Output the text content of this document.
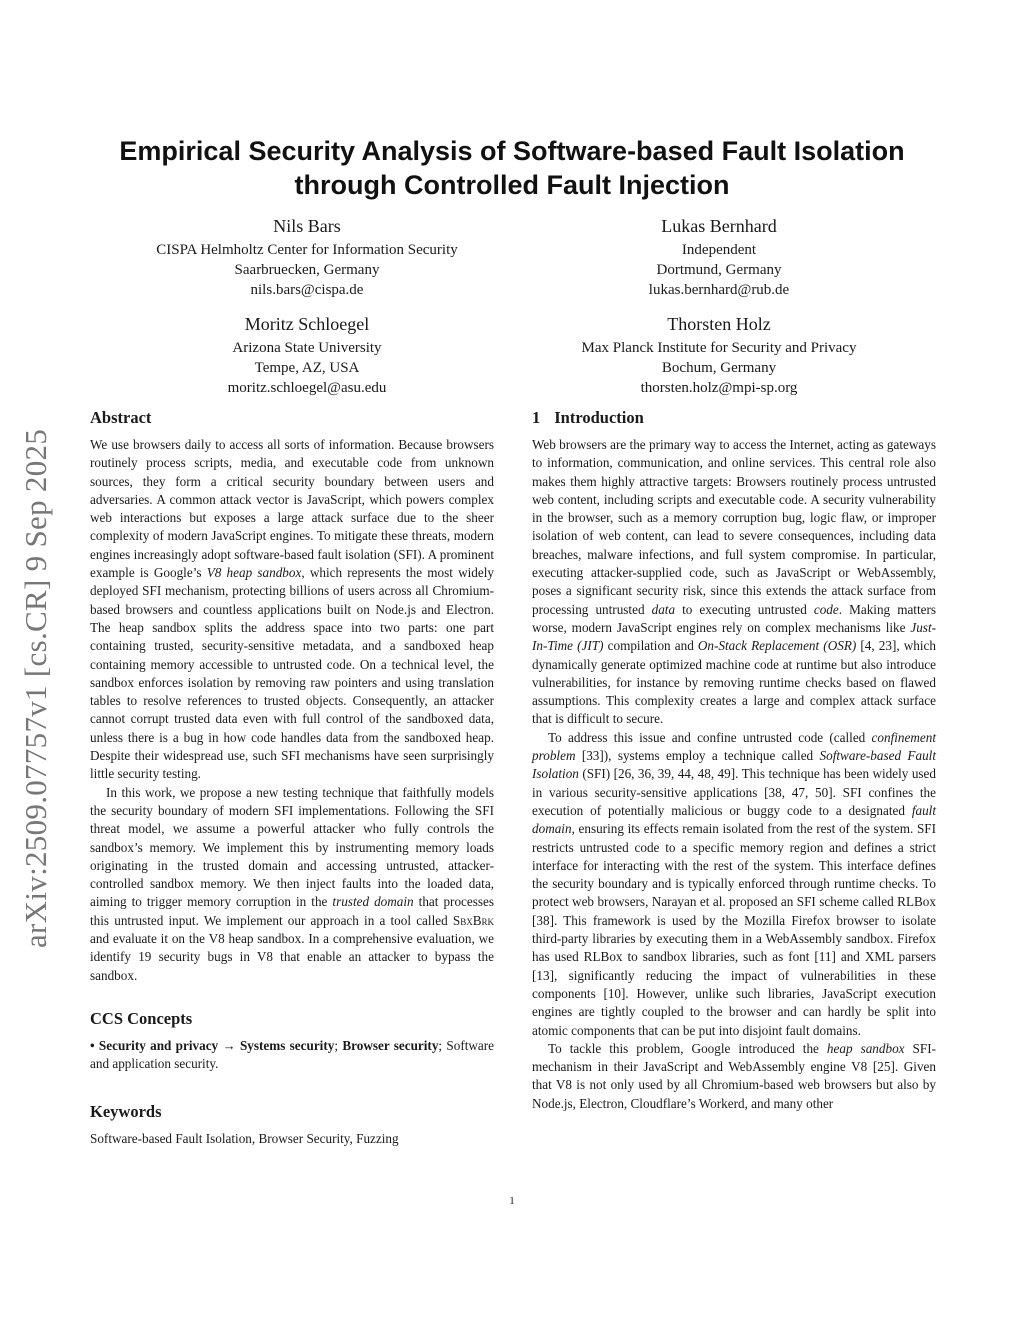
arXiv:2509.07757v1 [cs.CR] 9 Sep 2025
Empirical Security Analysis of Software-based Fault Isolation
through Controlled Fault Injection
Nils Bars
CISPA Helmholtz Center for Information Security
Saarbruecken, Germany
nils.bars@cispa.de
Lukas Bernhard
Independent
Dortmund, Germany
lukas.bernhard@rub.de
Moritz Schloegel
Arizona State University
Tempe, AZ, USA
moritz.schloegel@asu.edu
Thorsten Holz
Max Planck Institute for Security and Privacy
Bochum, Germany
thorsten.holz@mpi-sp.org
Abstract

We use browsers daily to access all sorts of information. Because browsers routinely process scripts, media, and executable code from unknown sources, they form a critical security boundary between users and adversaries. A common attack vector is JavaScript, which powers complex web interactions but exposes a large attack surface due to the sheer complexity of modern JavaScript engines. To mitigate these threats, modern engines increasingly adopt software-based fault isolation (SFI). A prominent example is Google’s V8 heap sandbox, which represents the most widely deployed SFI mechanism, protecting billions of users across all Chromium-based browsers and countless applications built on Node.js and Electron. The heap sandbox splits the address space into two parts: one part containing trusted, security-sensitive metadata, and a sandboxed heap containing memory accessible to untrusted code. On a technical level, the sandbox enforces isolation by removing raw pointers and using translation tables to resolve references to trusted objects. Consequently, an attacker cannot corrupt trusted data even with full control of the sandboxed data, unless there is a bug in how code handles data from the sandboxed heap. Despite their widespread use, such SFI mechanisms have seen surprisingly little security testing.

In this work, we propose a new testing technique that faithfully models the security boundary of modern SFI implementations. Following the SFI threat model, we assume a powerful attacker who fully controls the sandbox’s memory. We implement this by instrumenting memory loads originating in the trusted domain and accessing untrusted, attacker-controlled sandbox memory. We then inject faults into the loaded data, aiming to trigger memory corruption in the trusted domain that processes this untrusted input. We implement our approach in a tool called SbxBrk and evaluate it on the V8 heap sandbox. In a comprehensive evaluation, we identify 19 security bugs in V8 that enable an attacker to bypass the sandbox.

CCS Concepts

• Security and privacy → Systems security; Browser security; Software and application security.

Keywords

Software-based Fault Isolation, Browser Security, Fuzzing

1 Introduction

Web browsers are the primary way to access the Internet, acting as gateways to information, communication, and online services. This central role also makes them highly attractive targets: Browsers routinely process untrusted web content, including scripts and executable code. A security vulnerability in the browser, such as a memory corruption bug, logic flaw, or improper isolation of web content, can lead to severe consequences, including data breaches, malware infections, and full system compromise. In particular, executing attacker-supplied code, such as JavaScript or WebAssembly, poses a significant security risk, since this extends the attack surface from processing untrusted data to executing untrusted code. Making matters worse, modern JavaScript engines rely on complex mechanisms like Just-In-Time (JIT) compilation and On-Stack Replacement (OSR) [4, 23], which dynamically generate optimized machine code at runtime but also introduce vulnerabilities, for instance by removing runtime checks based on flawed assumptions. This complexity creates a large and complex attack surface that is difficult to secure.

To address this issue and confine untrusted code (called confinement problem [33]), systems employ a technique called Software-based Fault Isolation (SFI) [26, 36, 39, 44, 48, 49]. This technique has been widely used in various security-sensitive applications [38, 47, 50]. SFI confines the execution of potentially malicious or buggy code to a designated fault domain, ensuring its effects remain isolated from the rest of the system. SFI restricts untrusted code to a specific memory region and defines a strict interface for interacting with the rest of the system. This interface defines the security boundary and is typically enforced through runtime checks. To protect web browsers, Narayan et al. proposed an SFI scheme called RLBox [38]. This framework is used by the Mozilla Firefox browser to isolate third-party libraries by executing them in a WebAssembly sandbox. Firefox has used RLBox to sandbox libraries, such as font [11] and XML parsers [13], significantly reducing the impact of vulnerabilities in these components [10]. However, unlike such libraries, JavaScript execution engines are tightly coupled to the browser and can hardly be split into atomic components that can be put into disjoint fault domains.

To tackle this problem, Google introduced the heap sandbox SFI-mechanism in their JavaScript and WebAssembly engine V8 [25]. Given that V8 is not only used by all Chromium-based web browsers but also by Node.js, Electron, Cloudflare’s Workerd, and many other

1
